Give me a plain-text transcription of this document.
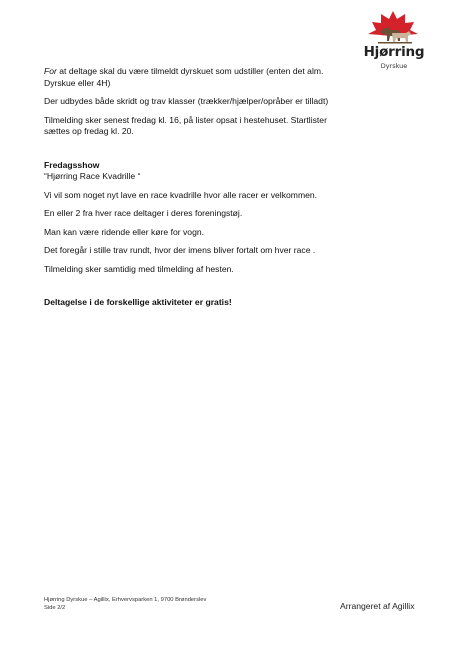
Hjørring
Dyrskue

For at deltage skal du være tilmeldt dyrskuet som udstiller (enten det alm. Dyrskue eller 4H)

Der udbydes både skridt og trav klasser (trækker/hjælper/opråber er tilladt)

Tilmelding sker senest fredag kl. 16, på lister opsat i hestehuset. Startlister sættes op fredag kl. 20.

Fredagsshow

“Hjørring Race Kvadrille “

Vi vil som noget nyt lave en race kvadrille hvor alle racer er velkommen.

En eller 2 fra hver race deltager i deres foreningstøj.

Man kan være ridende eller køre for vogn.

Det foregår i stille trav rundt, hvor der imens bliver fortalt om hver race .

Tilmelding sker samtidig med tilmelding af hesten.

Deltagelse i de forskellige aktiviteter er gratis!

Hjørring Dyrskue – Agillix, Erhvervsparken 1, 9700 Brønderslev
Side 2/2	Arrangeret af Agillix
